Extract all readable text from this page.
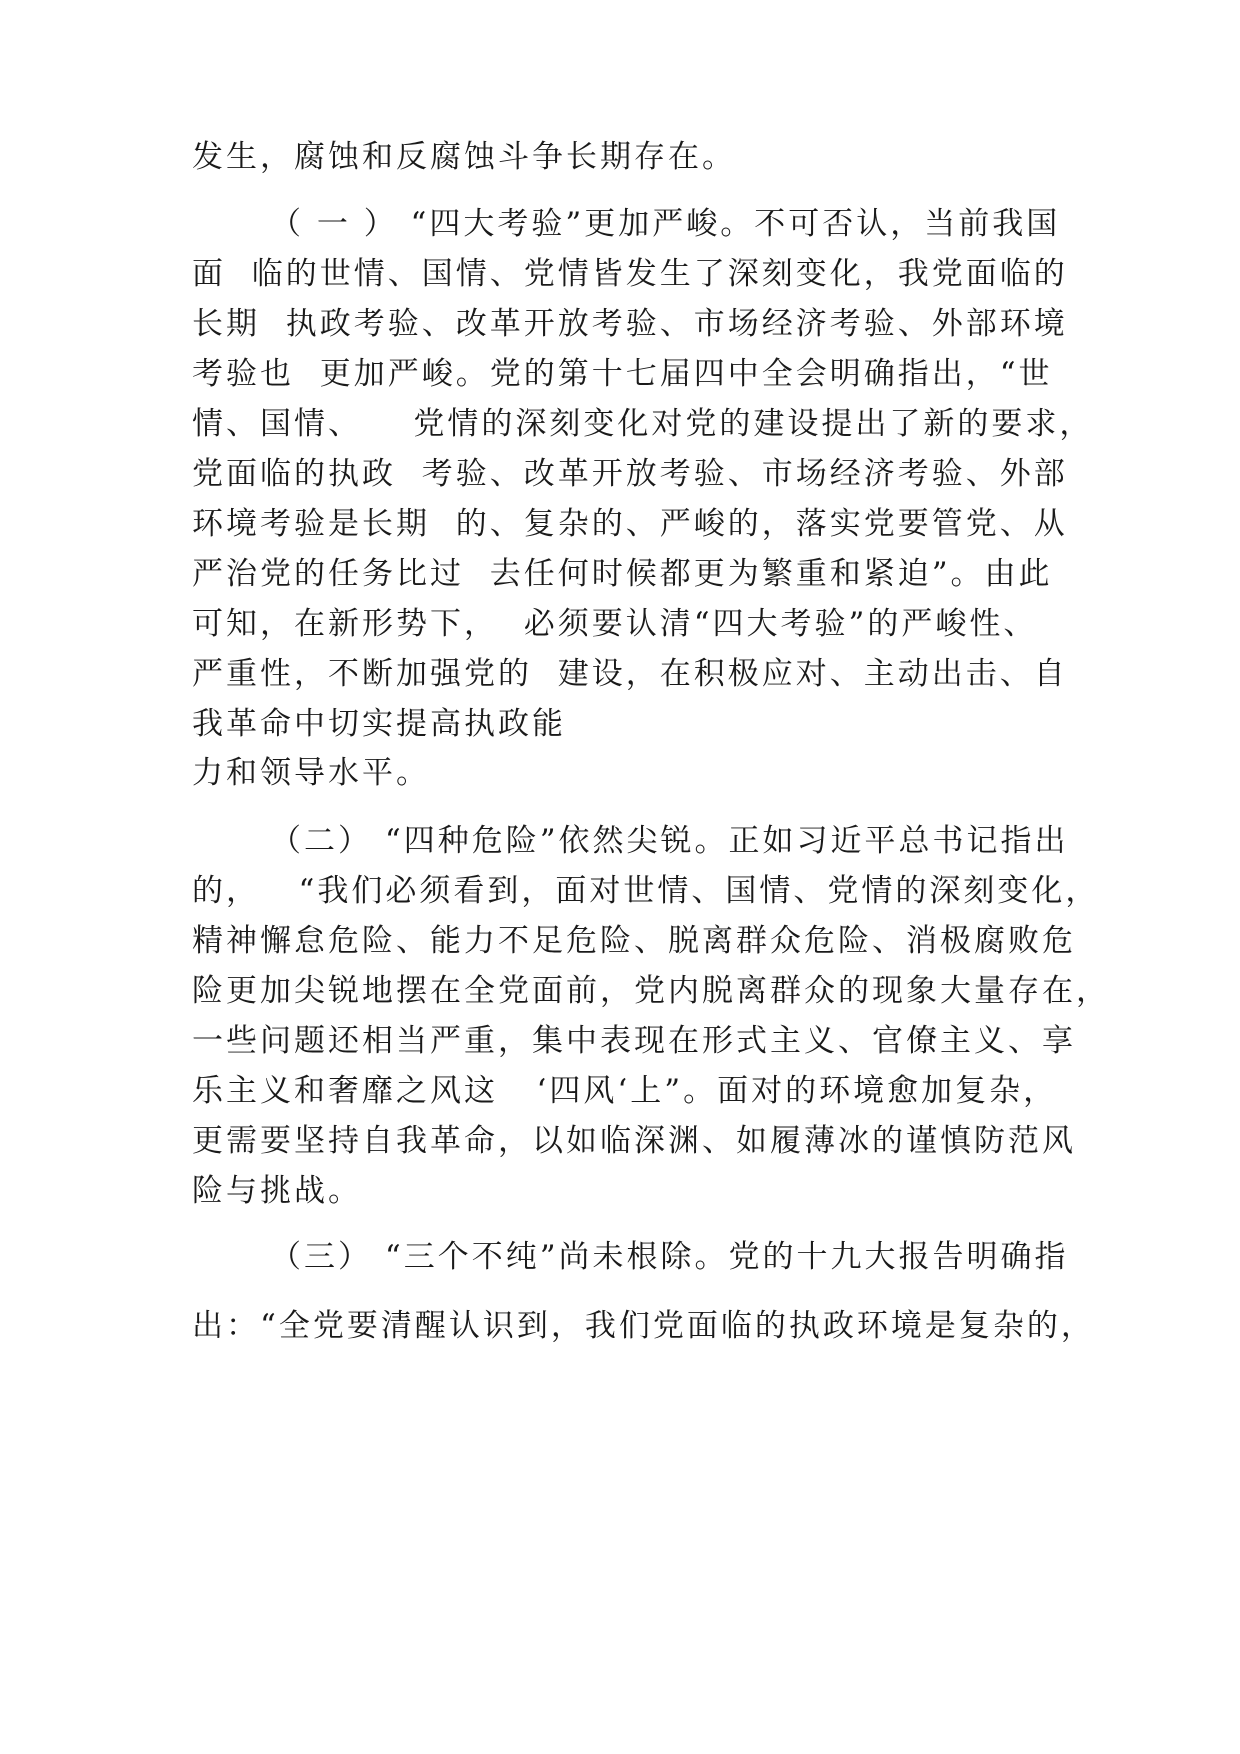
发生，腐蚀和反腐蚀斗争长期存在。
（ 一 ） “四大考验”更加严峻。不可否认，当前我国
面  临的世情、国情、党情皆发生了深刻变化，我党面临的
长期  执政考验、改革开放考验、市场经济考验、外部环境
考验也  更加严峻。党的第十七届四中全会明确指出，“世
情、国情、    党情的深刻变化对党的建设提出了新的要求，
党面临的执政  考验、改革开放考验、市场经济考验、外部
环境考验是长期  的、复杂的、严峻的，落实党要管党、从
严治党的任务比过  去任何时候都更为繁重和紧迫”。由此
可知，在新形势下，  必须要认清“四大考验”的严峻性、
严重性，不断加强党的  建设，在积极应对、主动出击、自
我革命中切实提高执政能
力和领导水平。
（二） “四种危险”依然尖锐。正如习近平总书记指出
的，   “我们必须看到，面对世情、国情、党情的深刻变化，
精神懈怠危险、能力不足危险、脱离群众危险、消极腐败危
险更加尖锐地摆在全党面前，党内脱离群众的现象大量存在，
一些问题还相当严重，集中表现在形式主义、官僚主义、享
乐主义和奢靡之风这   ‘四风‘上”。面对的环境愈加复杂，
更需要坚持自我革命，以如临深渊、如履薄冰的谨慎防范风
险与挑战。
（三） “三个不纯”尚未根除。党的十九大报告明确指
出：“全党要清醒认识到，我们党面临的执政环境是复杂的，
